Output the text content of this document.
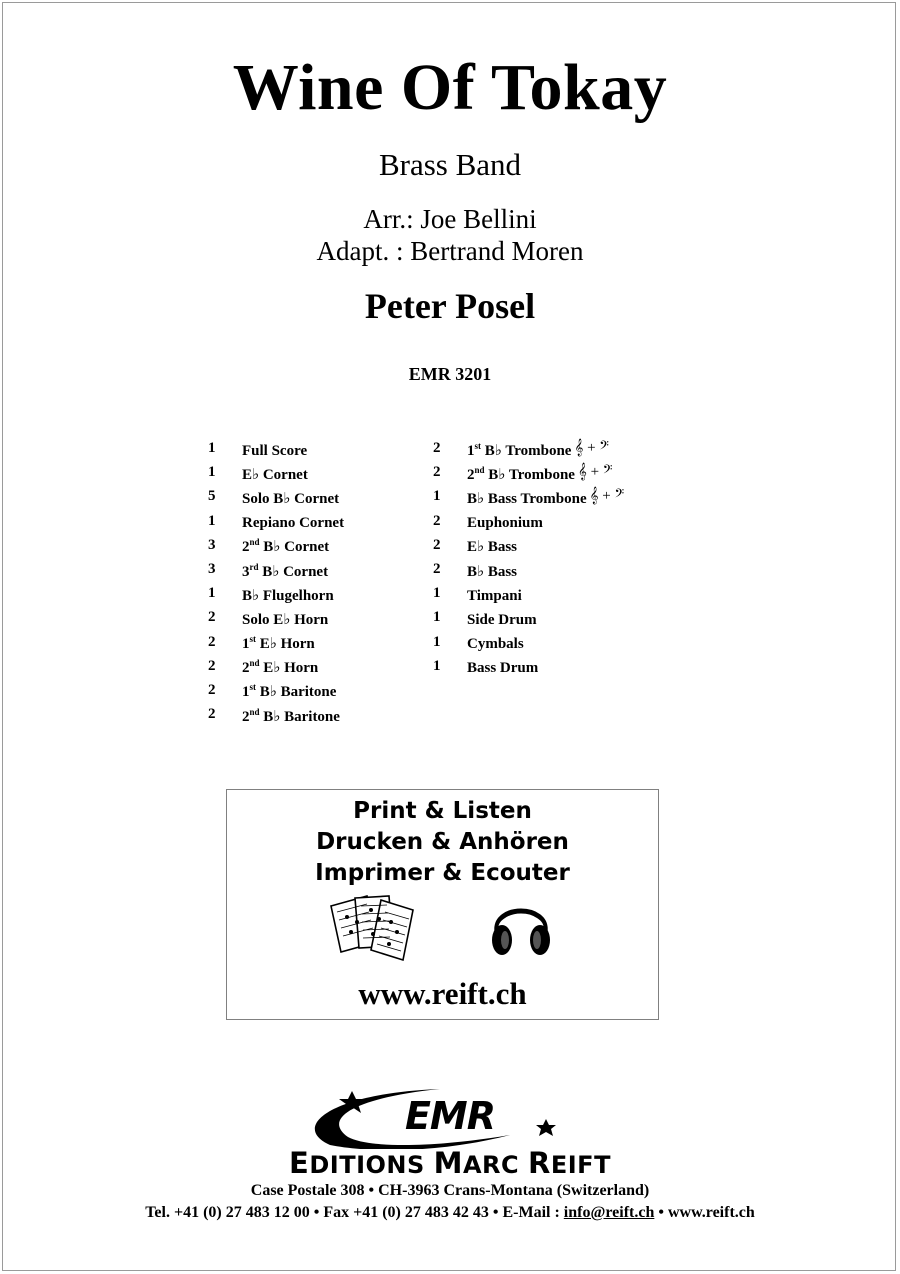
Wine Of Tokay
Brass Band
Arr.: Joe Bellini
Adapt. : Bertrand Moren
Peter Posel
EMR 3201
1	Full Score
1	E♭ Cornet
5	Solo B♭ Cornet
1	Repiano Cornet
3	2nd B♭ Cornet
3	3rd B♭ Cornet
1	B♭ Flugelhorn
2	Solo E♭ Horn
2	1st E♭ Horn
2	2nd E♭ Horn
2	1st B♭ Baritone
2	2nd B♭ Baritone
2	1st B♭ Trombone 𝄞 + 𝄢
2	2nd B♭ Trombone 𝄞 + 𝄢
1	B♭ Bass Trombone 𝄞 + 𝄢
2	Euphonium
2	E♭ Bass
2	B♭ Bass
1	Timpani
1	Side Drum
1	Cymbals
1	Bass Drum
Print & Listen
Drucken & Anhören
Imprimer & Ecouter
www.reift.ch
EMR
EDITIONS MARC REIFT
Case Postale 308 • CH-3963 Crans-Montana (Switzerland)
Tel. +41 (0) 27 483 12 00 • Fax +41 (0) 27 483 42 43 • E-Mail : info@reift.ch • www.reift.ch
